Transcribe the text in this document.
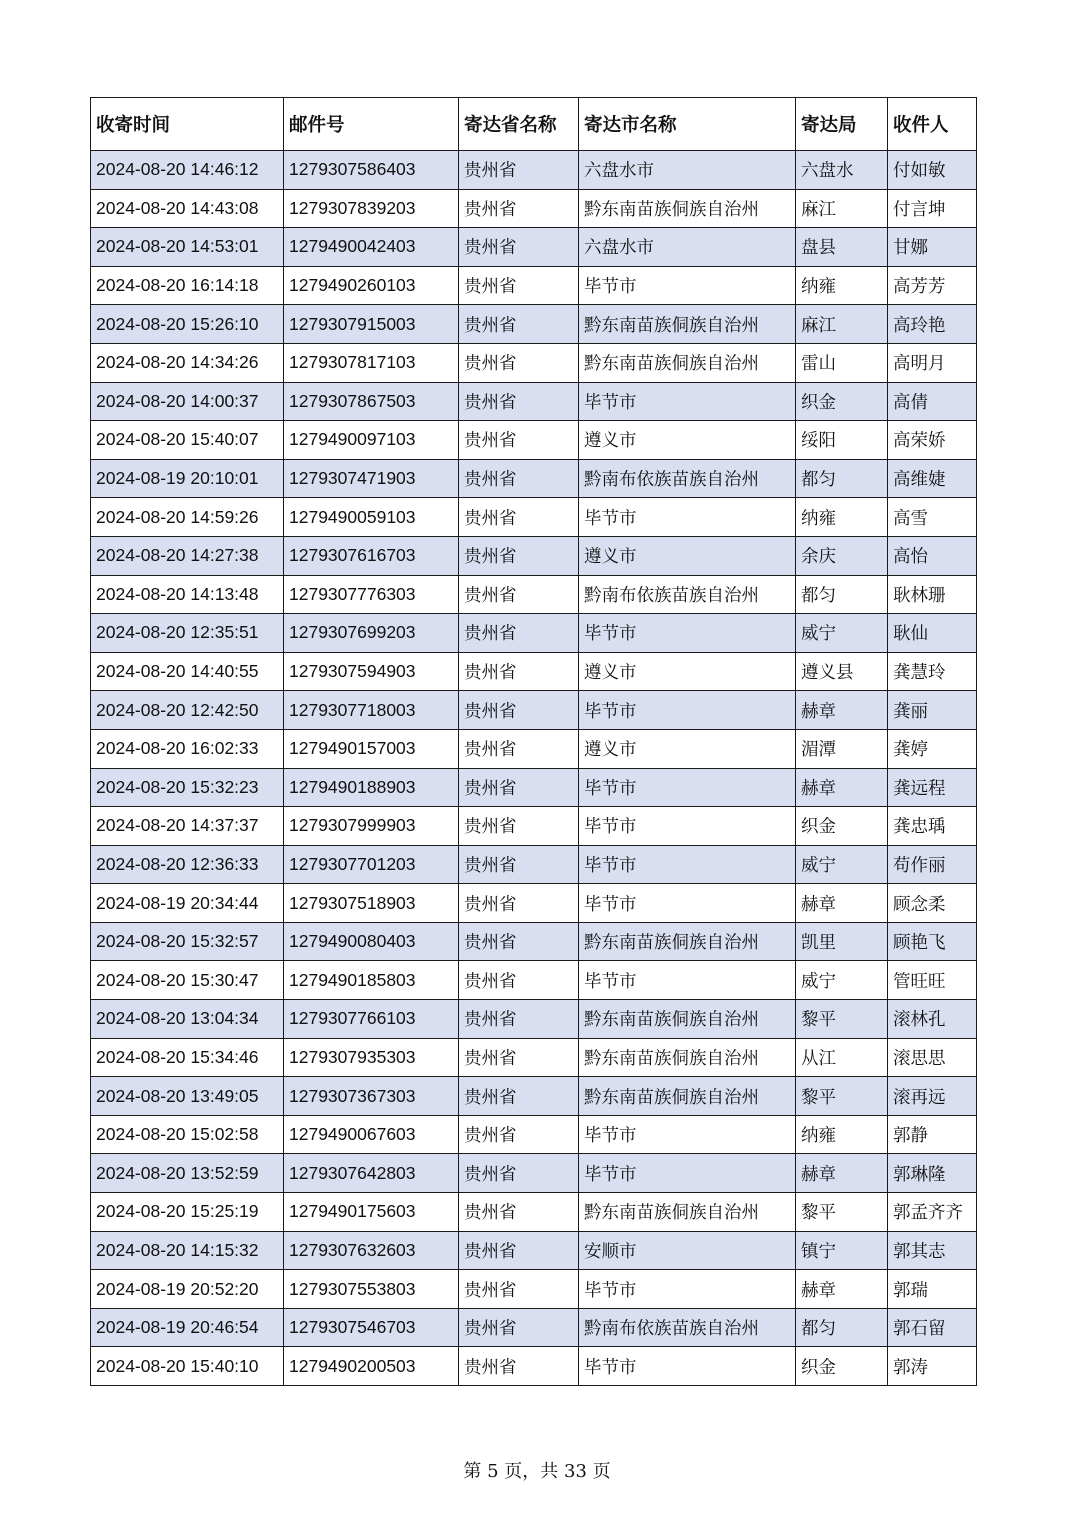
收寄时间	邮件号	寄达省名称	寄达市名称	寄达局	收件人
2024-08-20 14:46:12	1279307586403	贵州省	六盘水市	六盘水	付如敏
2024-08-20 14:43:08	1279307839203	贵州省	黔东南苗族侗族自治州	麻江	付言坤
2024-08-20 14:53:01	1279490042403	贵州省	六盘水市	盘县	甘娜
2024-08-20 16:14:18	1279490260103	贵州省	毕节市	纳雍	高芳芳
2024-08-20 15:26:10	1279307915003	贵州省	黔东南苗族侗族自治州	麻江	高玲艳
2024-08-20 14:34:26	1279307817103	贵州省	黔东南苗族侗族自治州	雷山	高明月
2024-08-20 14:00:37	1279307867503	贵州省	毕节市	织金	高倩
2024-08-20 15:40:07	1279490097103	贵州省	遵义市	绥阳	高荣娇
2024-08-19 20:10:01	1279307471903	贵州省	黔南布依族苗族自治州	都匀	高维婕
2024-08-20 14:59:26	1279490059103	贵州省	毕节市	纳雍	高雪
2024-08-20 14:27:38	1279307616703	贵州省	遵义市	余庆	高怡
2024-08-20 14:13:48	1279307776303	贵州省	黔南布依族苗族自治州	都匀	耿林珊
2024-08-20 12:35:51	1279307699203	贵州省	毕节市	威宁	耿仙
2024-08-20 14:40:55	1279307594903	贵州省	遵义市	遵义县	龚慧玲
2024-08-20 12:42:50	1279307718003	贵州省	毕节市	赫章	龚丽
2024-08-20 16:02:33	1279490157003	贵州省	遵义市	湄潭	龚婷
2024-08-20 15:32:23	1279490188903	贵州省	毕节市	赫章	龚远程
2024-08-20 14:37:37	1279307999903	贵州省	毕节市	织金	龚忠瑀
2024-08-20 12:36:33	1279307701203	贵州省	毕节市	威宁	苟作丽
2024-08-19 20:34:44	1279307518903	贵州省	毕节市	赫章	顾念柔
2024-08-20 15:32:57	1279490080403	贵州省	黔东南苗族侗族自治州	凯里	顾艳飞
2024-08-20 15:30:47	1279490185803	贵州省	毕节市	威宁	管旺旺
2024-08-20 13:04:34	1279307766103	贵州省	黔东南苗族侗族自治州	黎平	滚林孔
2024-08-20 15:34:46	1279307935303	贵州省	黔东南苗族侗族自治州	从江	滚思思
2024-08-20 13:49:05	1279307367303	贵州省	黔东南苗族侗族自治州	黎平	滚再远
2024-08-20 15:02:58	1279490067603	贵州省	毕节市	纳雍	郭静
2024-08-20 13:52:59	1279307642803	贵州省	毕节市	赫章	郭琳隆
2024-08-20 15:25:19	1279490175603	贵州省	黔东南苗族侗族自治州	黎平	郭孟齐齐
2024-08-20 14:15:32	1279307632603	贵州省	安顺市	镇宁	郭其志
2024-08-19 20:52:20	1279307553803	贵州省	毕节市	赫章	郭瑞
2024-08-19 20:46:54	1279307546703	贵州省	黔南布依族苗族自治州	都匀	郭石留
2024-08-20 15:40:10	1279490200503	贵州省	毕节市	织金	郭涛
第 5 页，共 33 页
